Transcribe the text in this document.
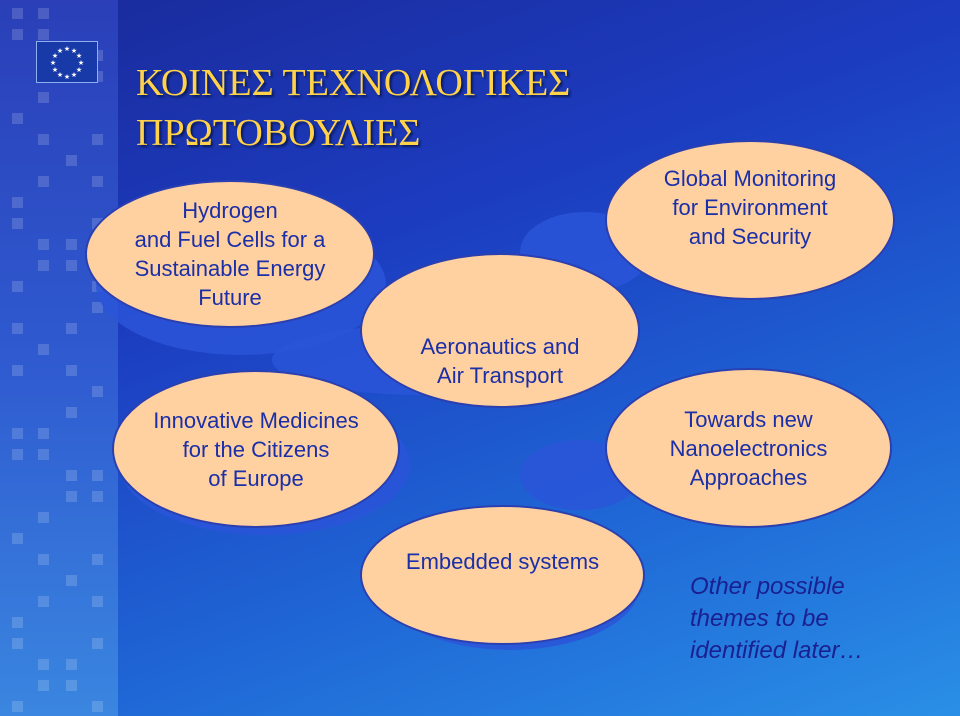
★ ★
★
★
★
★
★
★
★
★
★
★
ΚΟΙΝΕΣ ΤΕΧΝΟΛΟΓΙΚΕΣ
ΠΡΩΤΟΒΟΥΛΙΕΣ
Hydrogen
and Fuel Cells for a
Sustainable Energy
Future
Aeronautics and
Air Transport
Global Monitoring
for Environment
and Security
Innovative Medicines
for the Citizens
of Europe
Towards new
Nanoelectronics
Approaches
Embedded systems
Other possible
themes to be
identified later…
